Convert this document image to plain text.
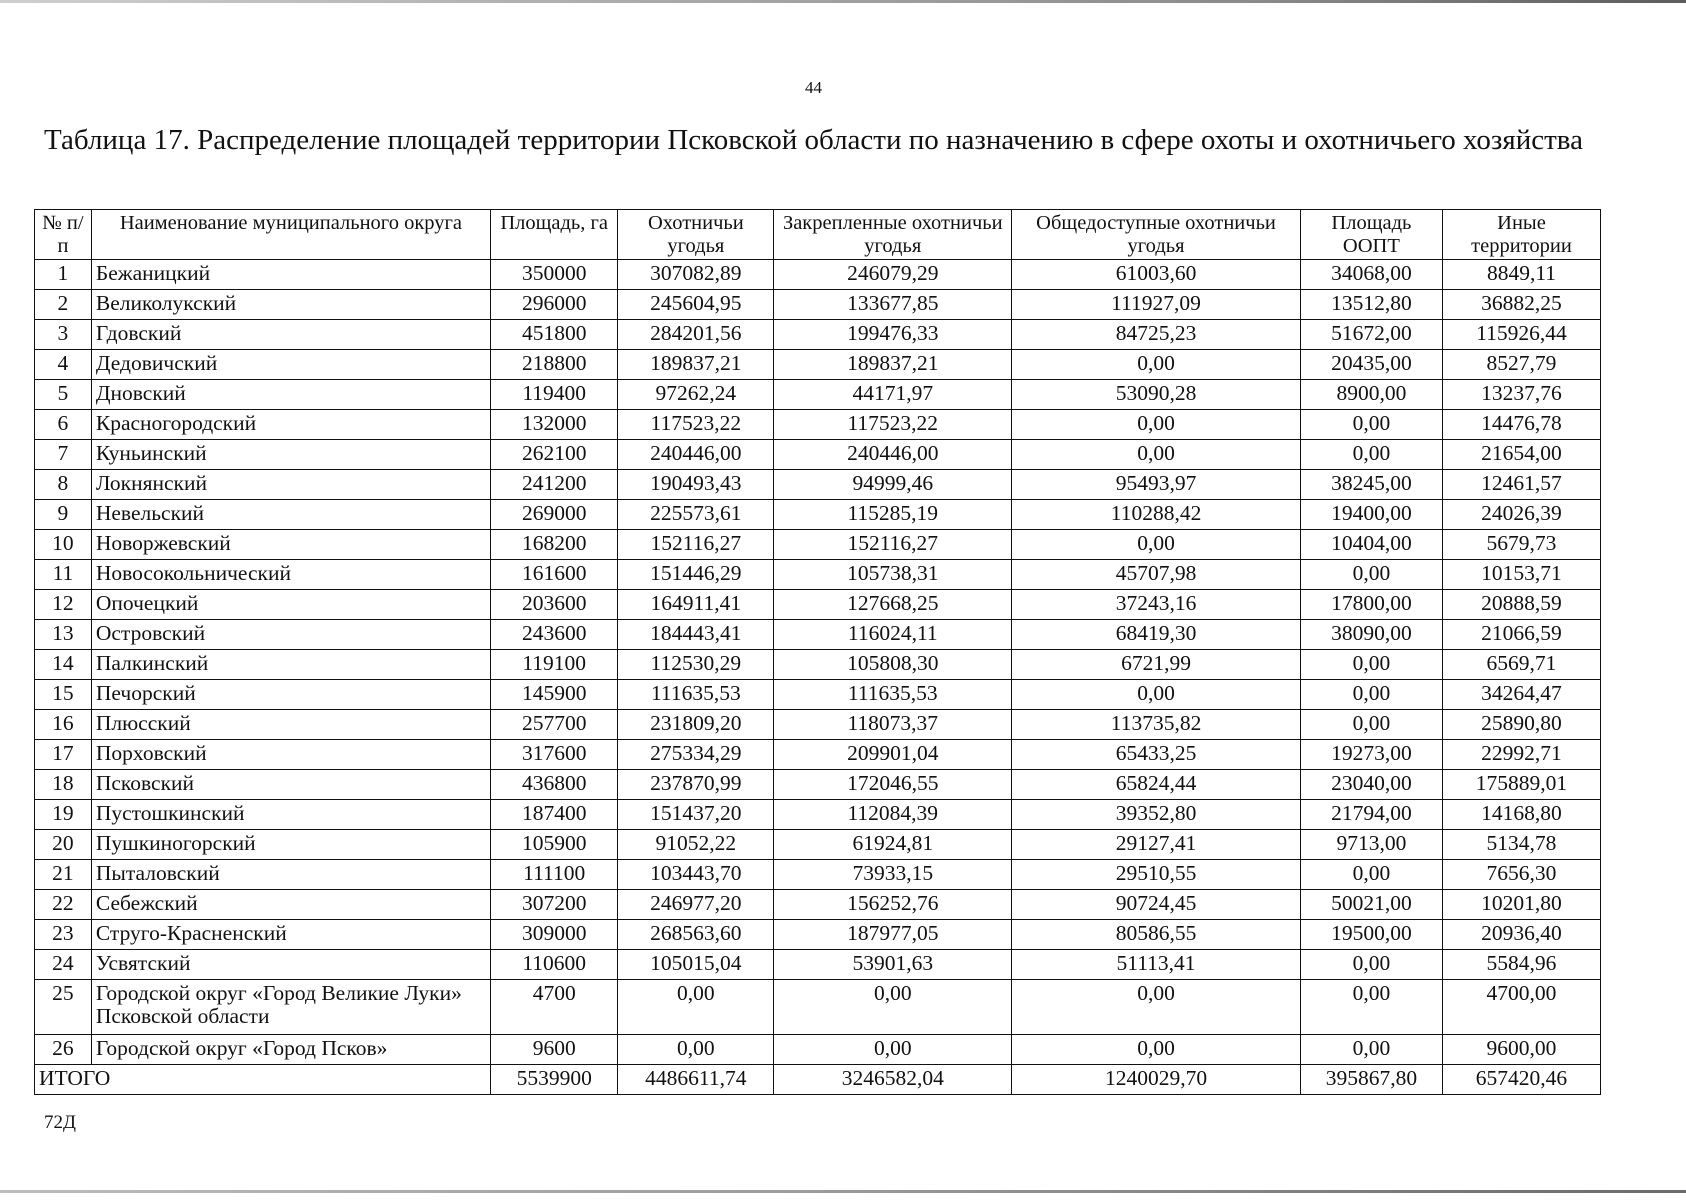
44
Таблица 17. Распределение площадей территории Псковской области по назначению в сфере охоты и охотничьего хозяйства
№ п/п	Наименование муниципального округа	Площадь, га	Охотничьи угодья	Закрепленные охотничьи угодья	Общедоступные охотничьи угодья	Площадь ООПТ	Иные территории
1	Бежаницкий	350000	307082,89	246079,29	61003,60	34068,00	8849,11
2	Великолукский	296000	245604,95	133677,85	111927,09	13512,80	36882,25
3	Гдовский	451800	284201,56	199476,33	84725,23	51672,00	115926,44
4	Дедовичский	218800	189837,21	189837,21	0,00	20435,00	8527,79
5	Дновский	119400	97262,24	44171,97	53090,28	8900,00	13237,76
6	Красногородский	132000	117523,22	117523,22	0,00	0,00	14476,78
7	Куньинский	262100	240446,00	240446,00	0,00	0,00	21654,00
8	Локнянский	241200	190493,43	94999,46	95493,97	38245,00	12461,57
9	Невельский	269000	225573,61	115285,19	110288,42	19400,00	24026,39
10	Новоржевский	168200	152116,27	152116,27	0,00	10404,00	5679,73
11	Новосокольнический	161600	151446,29	105738,31	45707,98	0,00	10153,71
12	Опочецкий	203600	164911,41	127668,25	37243,16	17800,00	20888,59
13	Островский	243600	184443,41	116024,11	68419,30	38090,00	21066,59
14	Палкинский	119100	112530,29	105808,30	6721,99	0,00	6569,71
15	Печорский	145900	111635,53	111635,53	0,00	0,00	34264,47
16	Плюсский	257700	231809,20	118073,37	113735,82	0,00	25890,80
17	Порховский	317600	275334,29	209901,04	65433,25	19273,00	22992,71
18	Псковский	436800	237870,99	172046,55	65824,44	23040,00	175889,01
19	Пустошкинский	187400	151437,20	112084,39	39352,80	21794,00	14168,80
20	Пушкиногорский	105900	91052,22	61924,81	29127,41	9713,00	5134,78
21	Пыталовский	111100	103443,70	73933,15	29510,55	0,00	7656,30
22	Себежский	307200	246977,20	156252,76	90724,45	50021,00	10201,80
23	Струго-Красненский	309000	268563,60	187977,05	80586,55	19500,00	20936,40
24	Усвятский	110600	105015,04	53901,63	51113,41	0,00	5584,96
25	Городской округ «Город Великие Луки» Псковской области	4700	0,00	0,00	0,00	0,00	4700,00
26	Городской округ «Город Псков»	9600	0,00	0,00	0,00	0,00	9600,00
ИТОГО		5539900	4486611,74	3246582,04	1240029,70	395867,80	657420,46
72Д
